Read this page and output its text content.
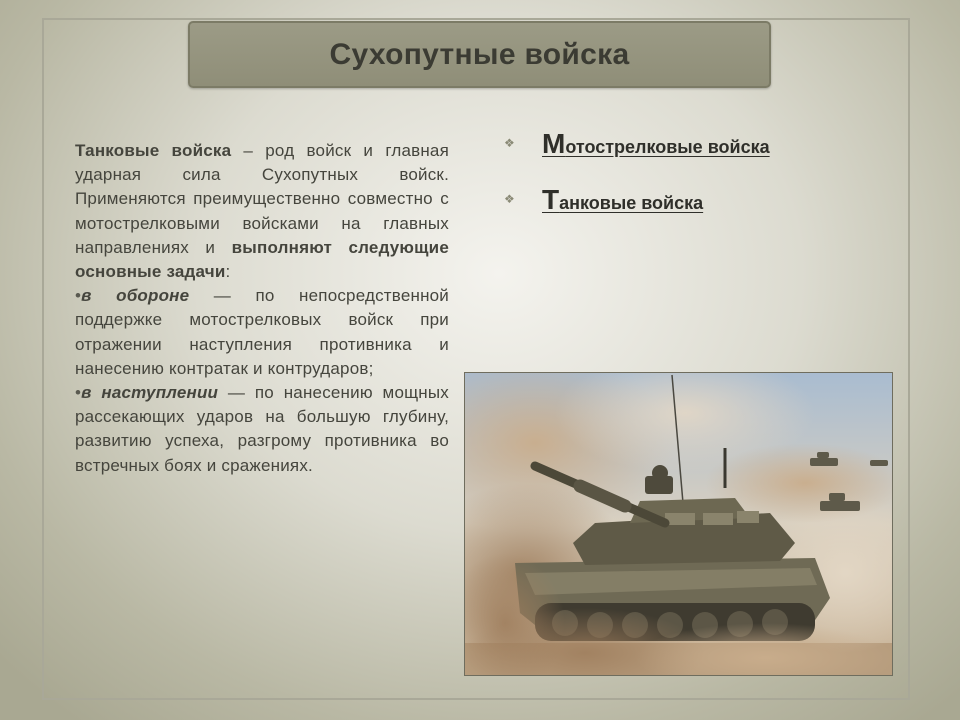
Сухопутные войска

Танковые войска – род войск и главная ударная сила Сухопутных войск. Применяются преимущественно совместно с мотострелковыми войсками на главных направлениях и выполняют следующие основные задачи:

•в обороне — по непосредственной поддержке мотострелковых войск при отражении наступления противника и нанесению контратак и контрударов;

•в наступлении — по нанесению мощных рассекающих ударов на большую глубину, развитию успеха, разгрому противника во встречных боях и сражениях.

❖ Мотострелковые войска
❖ Танковые войска
